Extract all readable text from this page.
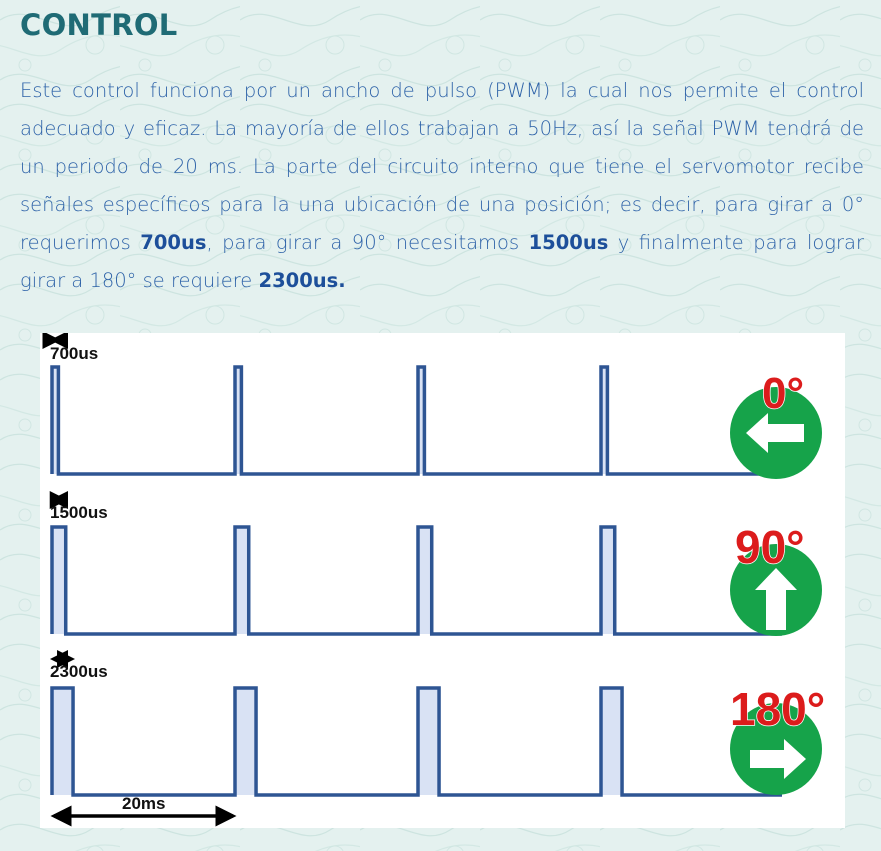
CONTROL

Este control funciona por un ancho de pulso (PWM) la cual nos permite el control adecuado y eficaz. La mayoría de ellos trabajan a 50Hz, así la señal PWM tendrá de un periodo de 20 ms. La parte del circuito interno que tiene el servomotor recibe señales específicos para la una ubicación de una posición; es decir, para girar a 0° requerimos 700us, para girar a 90° necesitamos 1500us y finalmente para lograr girar a 180° se requiere 2300us.

700us
0°
1500us
90°
2300us
180°
20ms
